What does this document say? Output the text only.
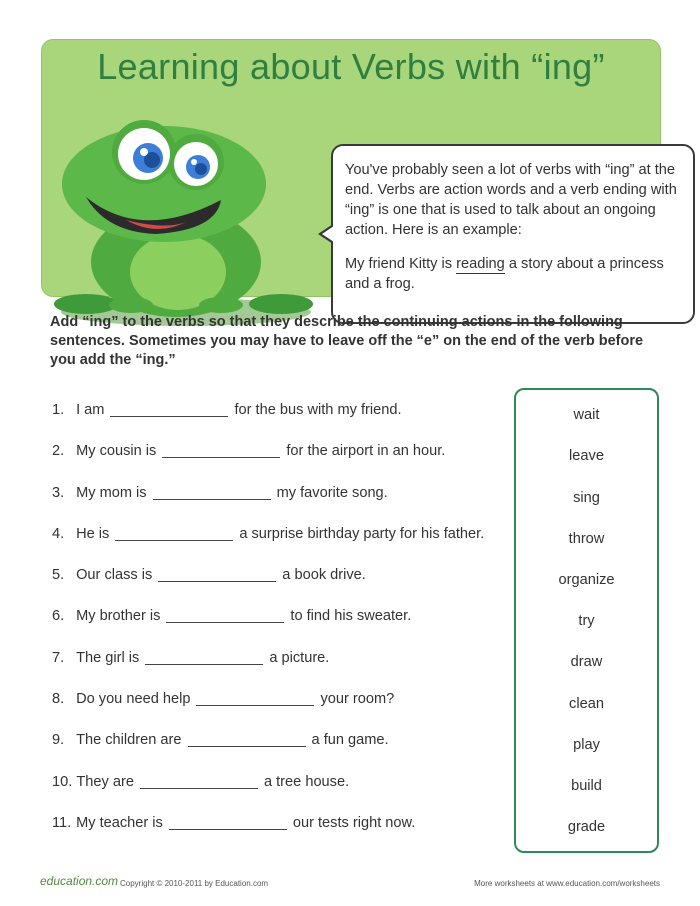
Learning about Verbs with “ing”

You've probably seen a lot of verbs with “ing” at the end. Verbs are action words and a verb ending with “ing” is one that is used to talk about an ongoing action. Here is an example:

My friend Kitty is reading a story about a princess and a frog.

Add “ing” to the verbs so that they describe the continuing actions in the following sentences. Sometimes you may have to leave off the “e” on the end of the verb before you add the “ing.”
1.
I am	for the bus with my friend.
2.
My cousin is	for the airport in an hour.
3.
My mom is	my favorite song.
4.
He is	a surprise birthday party for his father.
5.
Our class is	a book drive.
6.
My brother is	to find his sweater.
7.
The girl is	a picture.
8.
Do you need help	your room?
9.
The children are	a fun game.
10.
They are	a tree house.
11.
My teacher is	our tests right now.
wait
leave
sing
throw
organize
try
draw
clean
play
build
grade
education.com Copyright © 2010-2011 by Education.com	More worksheets at www.education.com/worksheets
